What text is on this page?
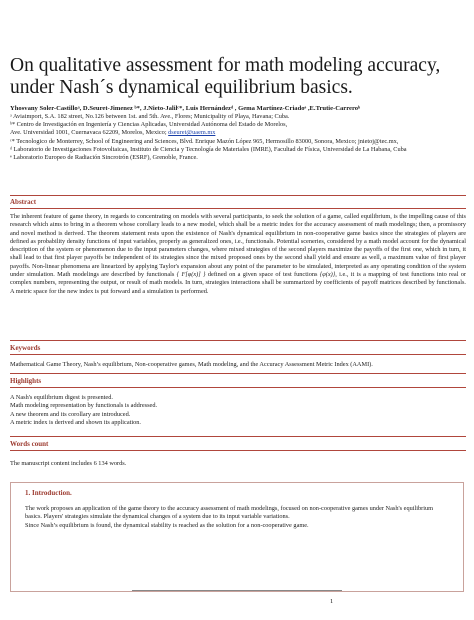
On qualitative assessment for math modeling accuracy, under Nash´s dynamical equilibrium basics.
Yhosvany Soler-Castilloᵃ, D.Seuret-Jimenez ᵇ*, J.Nieto-Jalilᶜ*, Luis Hernándezᵈ , Gema Martínez-Criadoᵉ ,E.Trutie-Carreroᵇ

ᵃ Aviaimport, S.A. 182 street, No.126 between 1st. and 5th. Ave., Flores; Municipality of Playa, Havana; Cuba.

ᵇ* Centro de Investigación en Ingeniería y Ciencias Aplicadas, Universidad Autónoma del Estado de Morelos,

Ave. Universidad 1001, Cuernavaca 62209, Morelos, Mexico; dseuret@uaem.mx

ᶜ* Tecnologico de Monterrey, School of Engineering and Sciences, Blvd. Enrique Mazón López 965, Hermosillo 83000, Sonora, Mexico; jnietoj@tec.mx,

ᵈ Laboratorio de Investigaciones Fotovoltaicas, Instituto de Ciencia y Tecnología de Materiales (IMRE), Facultad de Física, Universidad de La Habana, Cuba

ᵉ Laboratorio Europeo de Radiación Sincrotrón (ESRF), Grenoble, France.

Abstract
The inherent feature of game theory, in regards to concentrating on models with several participants, to seek the solution of a game, called equilibrium, is the impelling cause of this research which aims to bring in a theorem whose corollary leads to a new model, which shall be a metric index for the accuracy assessment of math modelings; then, a promissory and novel method is derived. The theorem statement rests upon the existence of Nash's dynamical equilibrium in non-cooperative game basics since the strategies of players are defined as probability density functions of input variables, properly as generalized ones, i.e., functionals. Potential sceneries, considered by a math model account for the dynamical description of the system or phenomenon due to the input parameters changes, where mixed strategies of the second players maximize the payoffs of the first one, which in turn, it shall lead to that first player payoffs be independent of its strategies since the mixed proposed ones by the second shall yield and ensure as well, a maximum value of first player payoffs. Non-linear phenomena are linearized by applying Taylor's expansion about any point of the parameter to be simulated, interpreted as any operating condition of the system under simulation. Math modelings are described by functionals { F[φ(x)] } defined on a given space of test functions {φ(x)}, i.e., it is a mapping of test functions into real or complex numbers, representing the output, or result of math models. In turn, strategies interactions shall be summarized by coefficients of payoff matrices described by functionals. A metric space for the new index is put forward and a simulation is performed.
Keywords
Mathematical Game Theory, Nash’s equilibrium, Non-cooperative games, Math modeling, and the Accuracy Assessment Metric Index (AAMI).
Highlights

A Nash's equilibrium digest is presented.

Math modeling representation by functionals is addressed.

A new theorem and its corollary are introduced.

A metric index is derived and shown its application.

Words count
The manuscript content includes 6 134 words.
1. Introduction.

The work proposes an application of the game theory to the accuracy assessment of math modelings, focused on non-cooperative games under Nash's equilibrium basics. Players' strategies simulate the dynamical changes of a system due to its input variable variations.

Since Nash’s equilibrium is found, the dynamical stability is reached as the solution for a non-cooperative game.

1
